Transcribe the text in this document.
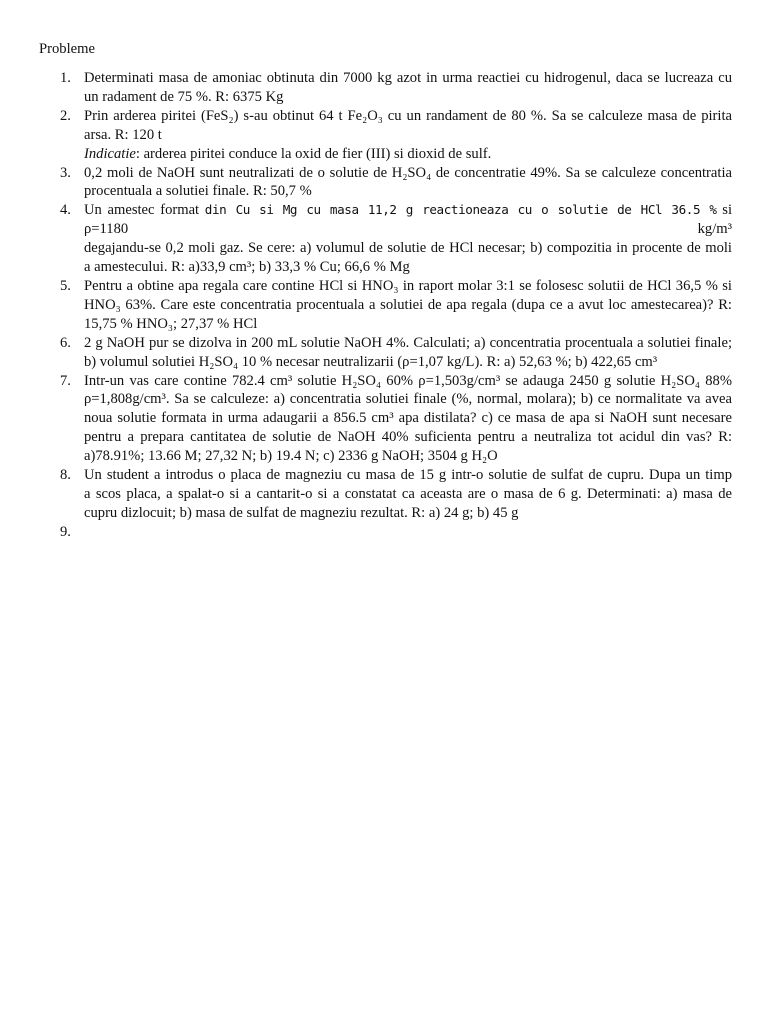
Probleme

1. Determinati masa de amoniac obtinuta din 7000 kg azot in urma reactiei cu hidrogenul, daca se lucreaza cu
un radament de 75 %. R: 6375 Kg
2. Prin arderea piritei (FeS₂) s-au obtinut 64 t Fe₂O₃ cu un randament de 80 %. Sa se calculeze masa de pirita
arsa. R: 120 t
Indicatie: arderea piritei conduce la oxid de fier (III) si dioxid de sulf.
3. 0,2 moli de NaOH sunt neutralizati de o solutie de H₂SO₄ de concentratie 49%. Sa se calculeze concentratia
procentuala a solutiei finale. R: 50,7 %
4. Un amestec format din Cu si Mg cu masa 11,2 g reactioneaza cu o solutie de HCl 36.5 % si ρ=1180 kg/m³
degajandu-se 0,2 moli gaz. Se cere: a) volumul de solutie de HCl necesar; b) compozitia in procente de moli
a amestecului. R: a)33,9 cm³; b) 33,3 % Cu; 66,6 % Mg
5. Pentru a obtine apa regala care contine HCl si HNO₃ in raport molar 3:1 se folosesc solutii de HCl 36,5 % si
HNO₃ 63%. Care este concentratia procentuala a solutiei de apa regala (dupa ce a avut loc amestecarea)? R:
15,75 % HNO₃; 27,37 % HCl
6. 2 g NaOH pur se dizolva in 200 mL solutie NaOH 4%. Calculati; a) concentratia procentuala a solutiei finale;
b) volumul solutiei H₂SO₄ 10 % necesar neutralizarii (ρ=1,07 kg/L). R: a) 52,63 %; b) 422,65 cm³
7. Intr-un vas care contine 782.4 cm³ solutie H₂SO₄ 60% ρ=1,503g/cm³ se adauga 2450 g solutie H₂SO₄ 88%
ρ=1,808g/cm³. Sa se calculeze: a) concentratia solutiei finale (%, normal, molara); b) ce normalitate va avea
noua solutie formata in urma adaugarii a 856.5 cm³ apa distilata? c) ce masa de apa si NaOH sunt necesare
pentru a prepara cantitatea de solutie de NaOH 40% suficienta pentru a neutraliza tot acidul din vas? R:
a)78.91%; 13.66 M; 27,32 N; b) 19.4 N; c) 2336 g NaOH; 3504 g H₂O
8. Un student a introdus o placa de magneziu cu masa de 15 g intr-o solutie de sulfat de cupru. Dupa un timp
a scos placa, a spalat-o si a cantarit-o si a constatat ca aceasta are o masa de 6 g. Determinati: a) masa de
cupru dizlocuit; b) masa de sulfat de magneziu rezultat. R: a) 24 g; b) 45 g
9.
